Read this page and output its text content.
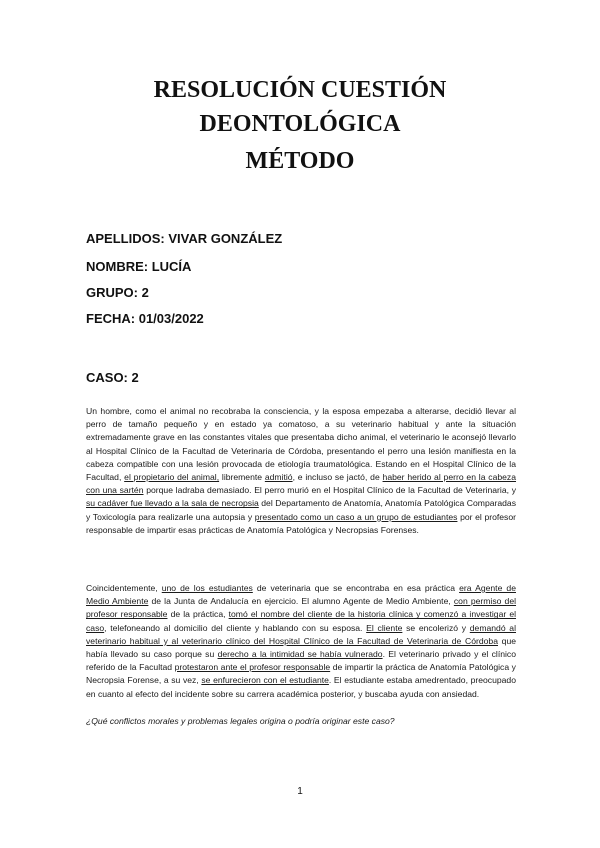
RESOLUCIÓN CUESTIÓN
DEONTOLÓGICA
MÉTODO

APELLIDOS: VIVAR GONZÁLEZ

NOMBRE: LUCÍA

GRUPO: 2

FECHA: 01/03/2022

CASO: 2

Un hombre, como el animal no recobraba la consciencia, y la esposa empezaba a alterarse, decidió llevar al perro de tamaño pequeño y en estado ya comatoso, a su veterinario habitual y ante la situación extremadamente grave en las constantes vitales que presentaba dicho animal, el veterinario le aconsejó llevarlo al Hospital Clínico de la Facultad de Veterinaria de Córdoba, presentando el perro una lesión manifiesta en la cabeza compatible con una lesión provocada de etiología traumatológica. Estando en el Hospital Clínico de la Facultad, el propietario del animal, libremente admitió, e incluso se jactó, de haber herido al perro en la cabeza con una sartén porque ladraba demasiado. El perro murió en el Hospital Clínico de la Facultad de Veterinaria, y su cadáver fue llevado a la sala de necropsia del Departamento de Anatomía, Anatomía Patológica Comparadas y Toxicología para realizarle una autopsia y presentado como un caso a un grupo de estudiantes por el profesor responsable de impartir esas prácticas de Anatomía Patológica y Necropsias Forenses.

Coincidentemente, uno de los estudiantes de veterinaria que se encontraba en esa práctica era Agente de Medio Ambiente de la Junta de Andalucía en ejercicio. El alumno Agente de Medio Ambiente, con permiso del profesor responsable de la práctica, tomó el nombre del cliente de la historia clínica y comenzó a investigar el caso, telefoneando al domicilio del cliente y hablando con su esposa. El cliente se encolerizó y demandó al veterinario habitual y al veterinario clínico del Hospital Clínico de la Facultad de Veterinaria de Córdoba que había llevado su caso porque su derecho a la intimidad se había vulnerado. El veterinario privado y el clínico referido de la Facultad protestaron ante el profesor responsable de impartir la práctica de Anatomía Patológica y Necropsia Forense, a su vez, se enfurecieron con el estudiante. El estudiante estaba amedrentado, preocupado en cuanto al efecto del incidente sobre su carrera académica posterior, y buscaba ayuda con ansiedad.

¿Qué conflictos morales y problemas legales origina o podría originar este caso?

1
